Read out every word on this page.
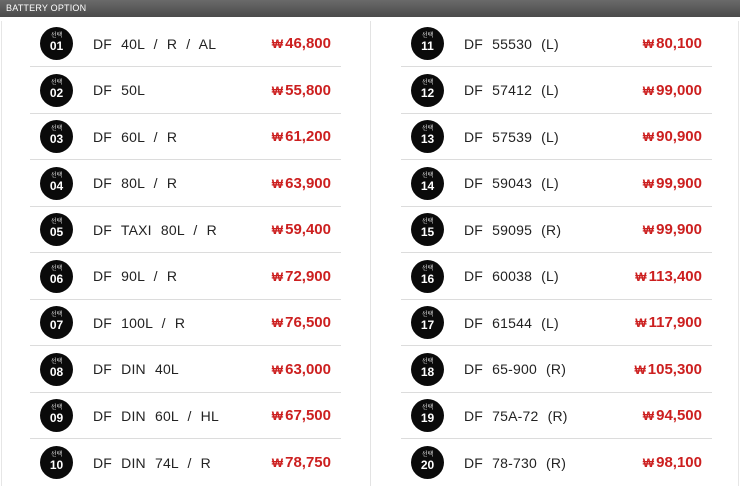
BATTERY OPTION
선택
01 DF 40L / R / AL	₩ 46,800
선택
02 DF 50L	₩ 55,800
선택
03 DF 60L / R	₩ 61,200
선택
04 DF 80L / R	₩ 63,900
선택
05 DF TAXI 80L / R	₩ 59,400
선택
06 DF 90L / R	₩ 72,900
선택
07 DF 100L / R	₩ 76,500
선택
08 DF DIN 40L	₩ 63,000
선택
09 DF DIN 60L / HL	₩ 67,500
선택
10 DF DIN 74L / R	₩ 78,750
선택
11 DF 55530 (L)	₩ 80,100
선택
12 DF 57412 (L)	₩ 99,000
선택
13 DF 57539 (L)	₩ 90,900
선택
14 DF 59043 (L)	₩ 99,900
선택
15 DF 59095 (R)	₩ 99,900
선택
16 DF 60038 (L)	₩ 113,400
선택
17 DF 61544 (L)	₩ 117,900
선택
18 DF 65-900 (R)	₩ 105,300
선택
19 DF 75A-72 (R)	₩ 94,500
선택
20 DF 78-730 (R)	₩ 98,100
